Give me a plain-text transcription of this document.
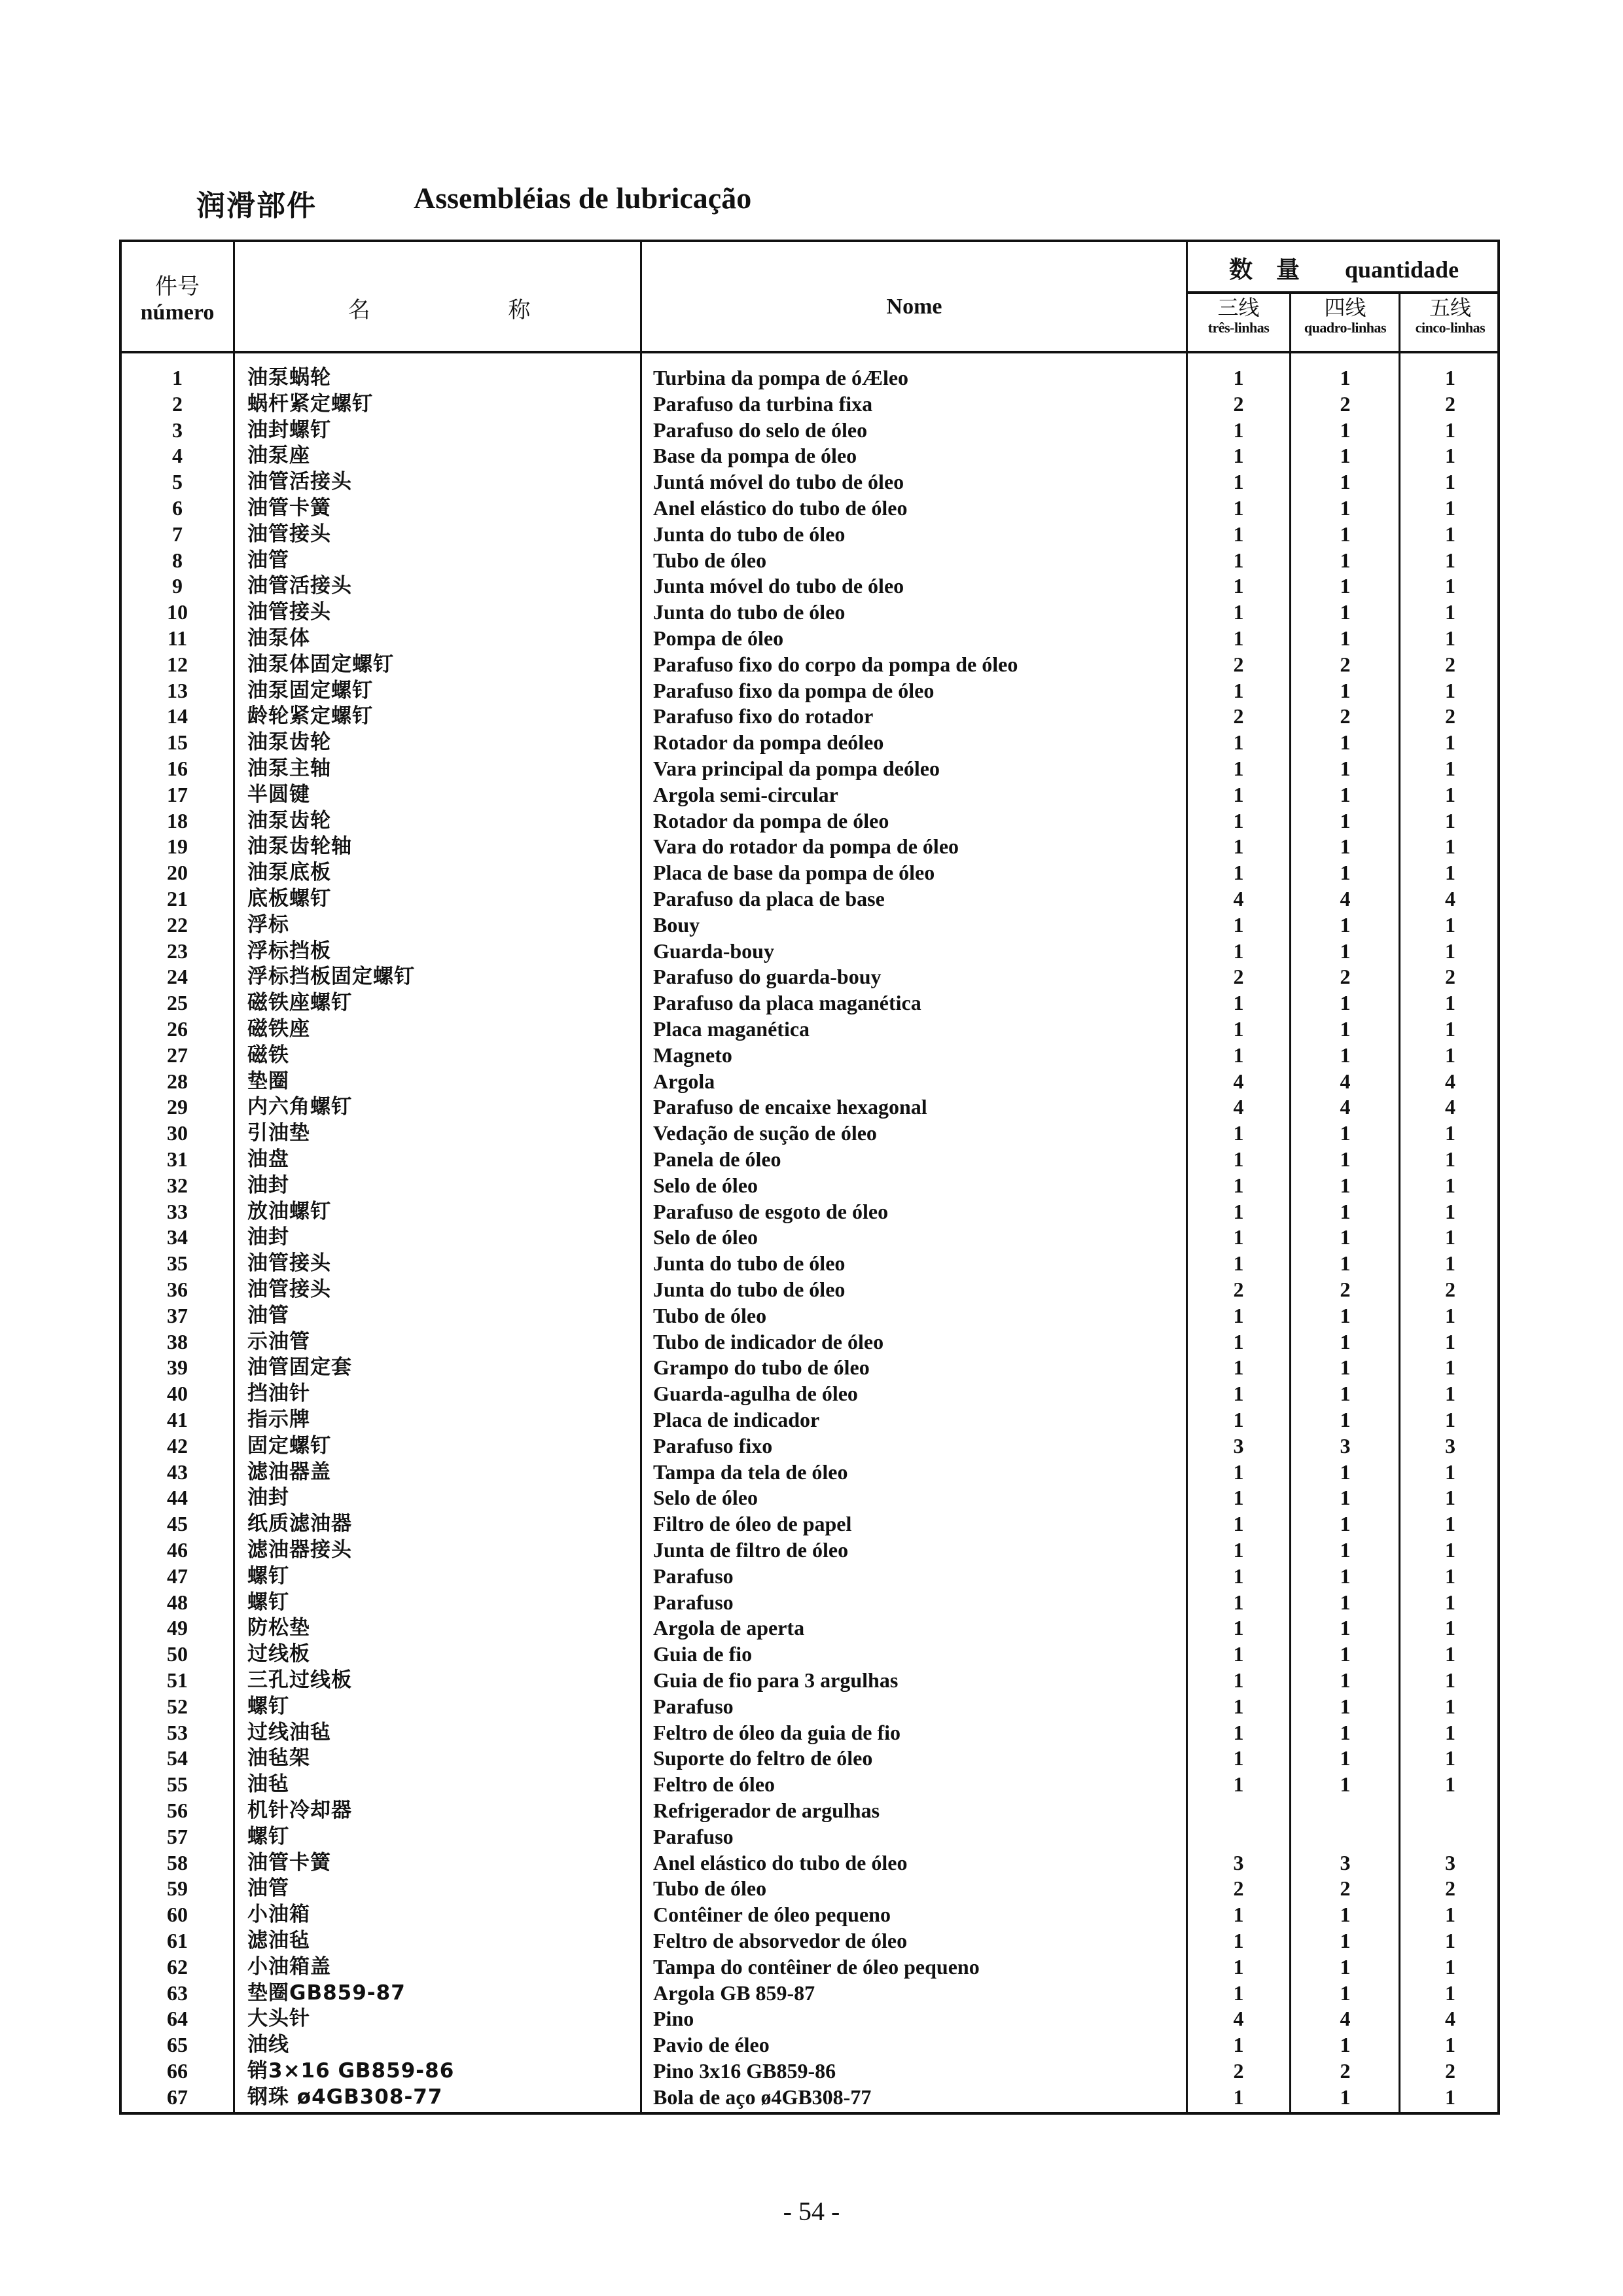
润滑部件	Assembléias de lubricação
件号
número	名 称	Nome
数　量 quantidade
三线
três-linhas
四线
quadro-linhas
五线
cinco-linhas
1	油泵蜗轮	Turbina da pompa de óÆleo	1	1	1
2	蜗杆紧定螺钉	Parafuso da turbina fixa	2	2	2
3	油封螺钉	Parafuso do selo de óleo	1	1	1
4	油泵座	Base da pompa de óleo	1	1	1
5	油管活接头	Juntá móvel do tubo de óleo	1	1	1
6	油管卡簧	Anel elástico do tubo de óleo	1	1	1
7	油管接头	Junta do tubo de óleo	1	1	1
8	油管	Tubo de óleo	1	1	1
9	油管活接头	Junta móvel do tubo de óleo	1	1	1
10	油管接头	Junta do tubo de óleo	1	1	1
11	油泵体	Pompa de óleo	1	1	1
12	油泵体固定螺钉	Parafuso fixo do corpo da pompa de óleo	2	2	2
13	油泵固定螺钉	Parafuso fixo da pompa de óleo	1	1	1
14	龄轮紧定螺钉	Parafuso fixo do rotador	2	2	2
15	油泵齿轮	Rotador da pompa deóleo	1	1	1
16	油泵主轴	Vara principal da pompa deóleo	1	1	1
17	半圆键	Argola semi-circular	1	1	1
18	油泵齿轮	Rotador da pompa de óleo	1	1	1
19	油泵齿轮轴	Vara do rotador da pompa de óleo	1	1	1
20	油泵底板	Placa de base da pompa de óleo	1	1	1
21	底板螺钉	Parafuso da placa de base	4	4	4
22	浮标	Bouy	1	1	1
23	浮标挡板	Guarda-bouy	1	1	1
24	浮标挡板固定螺钉	Parafuso do guarda-bouy	2	2	2
25	磁铁座螺钉	Parafuso da placa maganética	1	1	1
26	磁铁座	Placa maganética	1	1	1
27	磁铁	Magneto	1	1	1
28	垫圈	Argola	4	4	4
29	内六角螺钉	Parafuso de encaixe hexagonal	4	4	4
30	引油垫	Vedação de sução de óleo	1	1	1
31	油盘	Panela de óleo	1	1	1
32	油封	Selo de óleo	1	1	1
33	放油螺钉	Parafuso de esgoto de óleo	1	1	1
34	油封	Selo de óleo	1	1	1
35	油管接头	Junta do tubo de óleo	1	1	1
36	油管接头	Junta do tubo de óleo	2	2	2
37	油管	Tubo de óleo	1	1	1
38	示油管	Tubo de indicador de óleo	1	1	1
39	油管固定套	Grampo do tubo de óleo	1	1	1
40	挡油针	Guarda-agulha de óleo	1	1	1
41	指示牌	Placa de indicador	1	1	1
42	固定螺钉	Parafuso fixo	3	3	3
43	滤油器盖	Tampa da tela de óleo	1	1	1
44	油封	Selo de óleo	1	1	1
45	纸质滤油器	Filtro de óleo de papel	1	1	1
46	滤油器接头	Junta de filtro de óleo	1	1	1
47	螺钉	Parafuso	1	1	1
48	螺钉	Parafuso	1	1	1
49	防松垫	Argola de aperta	1	1	1
50	过线板	Guia de fio	1	1	1
51	三孔过线板	Guia de fio para 3 argulhas	1	1	1
52	螺钉	Parafuso	1	1	1
53	过线油毡	Feltro de óleo da guia de fio	1	1	1
54	油毡架	Suporte do feltro de óleo	1	1	1
55	油毡	Feltro de óleo	1	1	1
56	机针冷却器	Refrigerador de argulhas
57	螺钉	Parafuso
58	油管卡簧	Anel elástico do tubo de óleo	3	3	3
59	油管	Tubo de óleo	2	2	2
60	小油箱	Contêiner de óleo pequeno	1	1	1
61	滤油毡	Feltro de absorvedor de óleo	1	1	1
62	小油箱盖	Tampa do contêiner de óleo pequeno	1	1	1
63	垫圈GB859-87	Argola GB 859-87	1	1	1
64	大头针	Pino	4	4	4
65	油线	Pavio de éleo	1	1	1
66	销3×16 GB859-86	Pino 3x16 GB859-86	2	2	2
67	钢珠 ø4GB308-77	Bola de aço ø4GB308-77	1	1	1
- 54 -
